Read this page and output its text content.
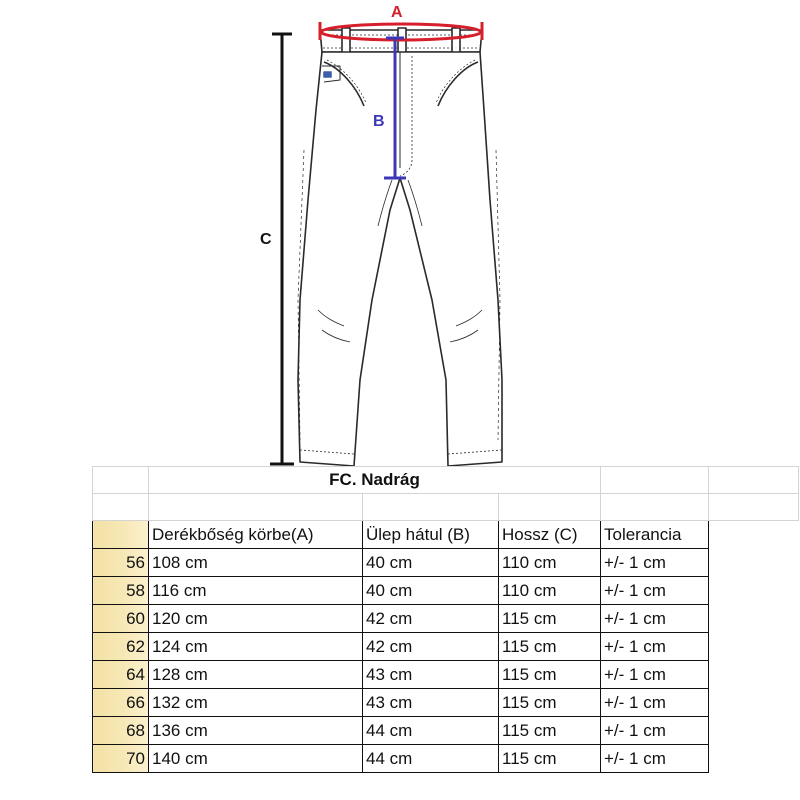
A
B
C
	FC. Nadrág				

	Derékbőség körbe(A)	Ülep hátul (B)	Hossz (C)	Tolerancia	
56	108 cm	40 cm	110 cm	+/- 1 cm	
58	116 cm	40 cm	110 cm	+/- 1 cm	
60	120 cm	42 cm	115 cm	+/- 1 cm	
62	124 cm	42 cm	115 cm	+/- 1 cm	
64	128 cm	43 cm	115 cm	+/- 1 cm	
66	132 cm	43 cm	115 cm	+/- 1 cm	
68	136 cm	44 cm	115 cm	+/- 1 cm	
70	140 cm	44 cm	115 cm	+/- 1 cm	
